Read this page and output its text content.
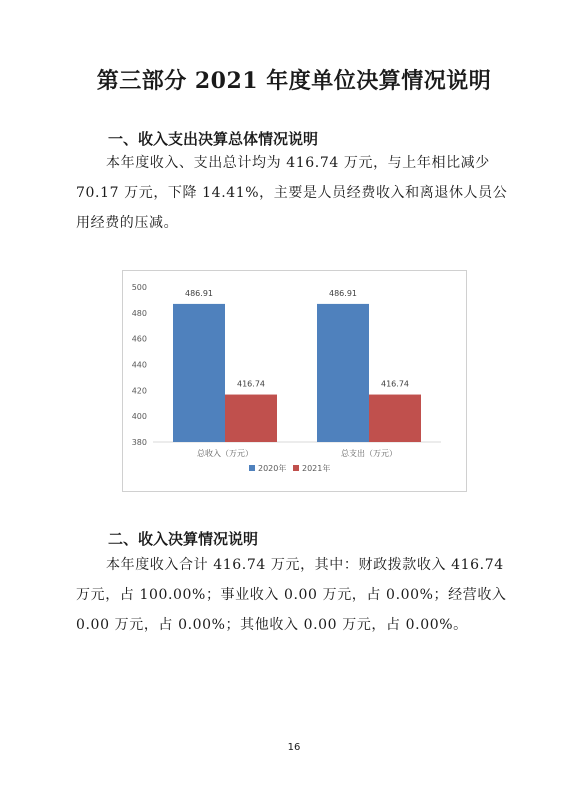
第三部分 2021 年度单位决算情况说明
一、收入支出决算总体情况说明
本年度收入、支出总计均为 416.74 万元，与上年相比减少
70.17 万元，下降 14.41%，主要是人员经费收入和离退休人员公
用经费的压减。
380
400
420
440
460
480
500
486.91
416.74
总收入（万元）
486.91
416.74
总支出（万元）
2020年 2021年
二、收入决算情况说明
本年度收入合计 416.74 万元，其中：财政拨款收入 416.74
万元，占 100.00%；事业收入 0.00 万元，占 0.00%；经营收入
0.00 万元，占 0.00%；其他收入 0.00 万元，占 0.00%。
16
